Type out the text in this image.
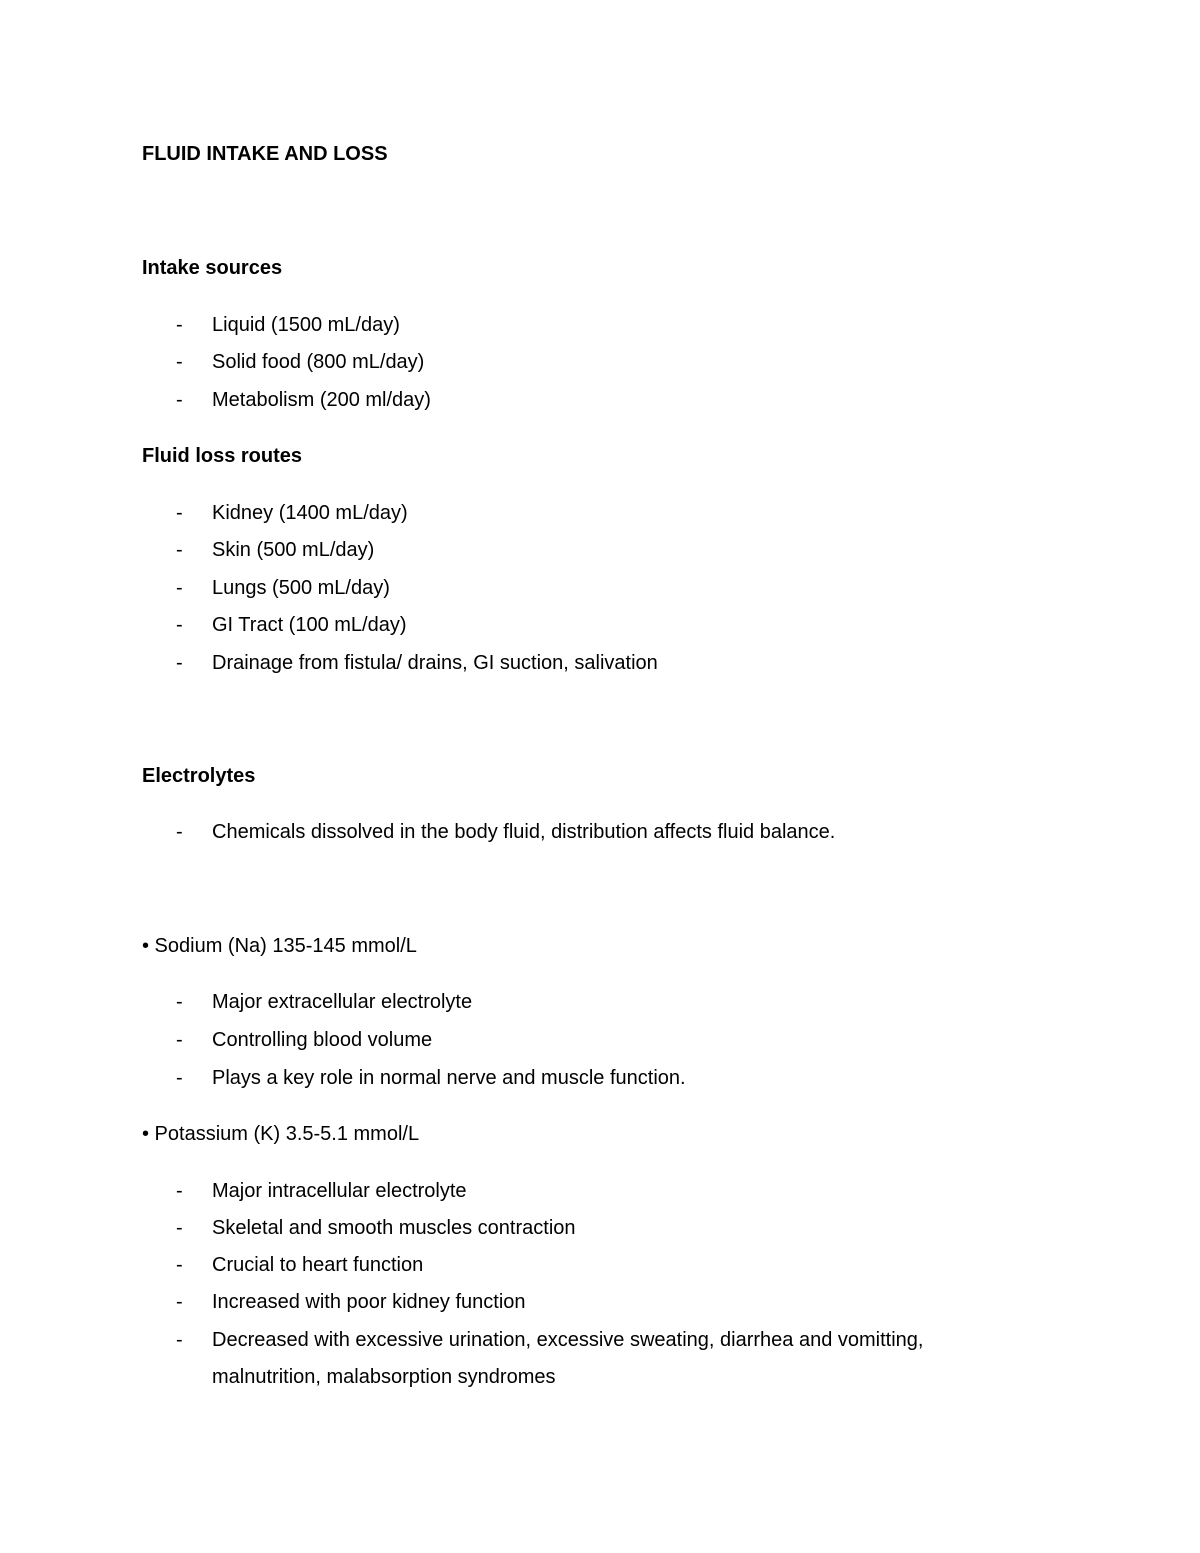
FLUID INTAKE AND LOSS
Intake sources
- Liquid (1500 mL/day)
- Solid food (800 mL/day)
- Metabolism (200 ml/day)
Fluid loss routes
- Kidney (1400 mL/day)
- Skin (500 mL/day)
- Lungs (500 mL/day)
- GI Tract (100 mL/day)
- Drainage from fistula/ drains, GI suction, salivation
Electrolytes
- Chemicals dissolved in the body fluid, distribution affects fluid balance.
• Sodium (Na) 135-145 mmol/L
- Major extracellular electrolyte
- Controlling blood volume
- Plays a key role in normal nerve and muscle function.
• Potassium (K) 3.5-5.1 mmol/L
- Major intracellular electrolyte
- Skeletal and smooth muscles contraction
- Crucial to heart function
- Increased with poor kidney function
- Decreased with excessive urination, excessive sweating, diarrhea and vomitting,
malnutrition, malabsorption syndromes
